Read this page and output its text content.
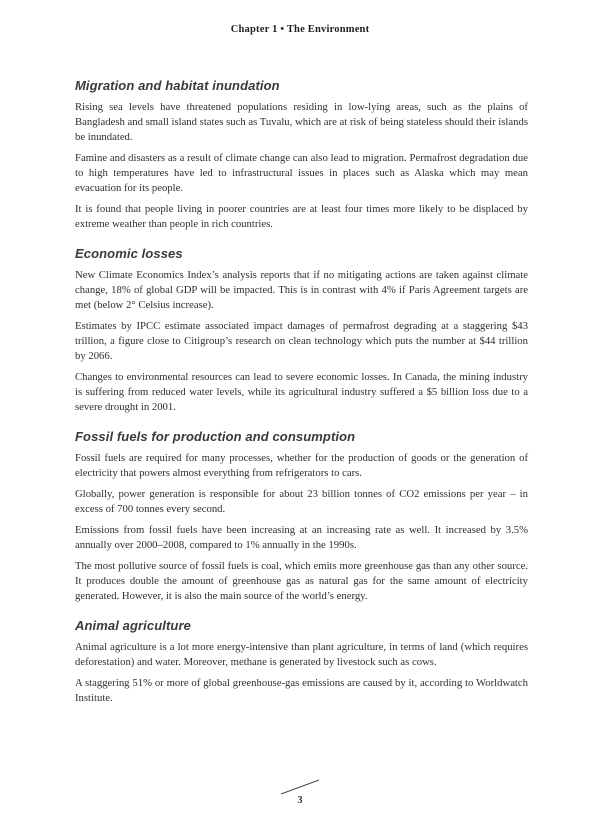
Chapter 1 • The Environment
Migration and habitat inundation

Rising sea levels have threatened populations residing in low-lying areas, such as the plains of Bangladesh and small island states such as Tuvalu, which are at risk of being stateless should their islands be inundated.

Famine and disasters as a result of climate change can also lead to migration. Permafrost degradation due to high temperatures have led to infrastructural issues in places such as Alaska which may mean evacuation for its people.

It is found that people living in poorer countries are at least four times more likely to be displaced by extreme weather than people in rich countries.

Economic losses

New Climate Economics Index’s analysis reports that if no mitigating actions are taken against climate change, 18% of global GDP will be impacted. This is in contrast with 4% if Paris Agreement targets are met (below 2° Celsius increase).

Estimates by IPCC estimate associated impact damages of permafrost degrading at a staggering $43 trillion, a figure close to Citigroup’s research on clean technology which puts the number at $44 trillion by 2066.

Changes to environmental resources can lead to severe economic losses. In Canada, the mining industry is suffering from reduced water levels, while its agricultural industry suffered a $5 billion loss due to a severe drought in 2001.

Fossil fuels for production and consumption

Fossil fuels are required for many processes, whether for the production of goods or the generation of electricity that powers almost everything from refrigerators to cars.

Globally, power generation is responsible for about 23 billion tonnes of CO2 emissions per year – in excess of 700 tonnes every second.

Emissions from fossil fuels have been increasing at an increasing rate as well. It increased by 3.5% annually over 2000–2008, compared to 1% annually in the 1990s.

The most pollutive source of fossil fuels is coal, which emits more greenhouse gas than any other source. It produces double the amount of greenhouse gas as natural gas for the same amount of electricity generated. However, it is also the main source of the world’s energy.

Animal agriculture

Animal agriculture is a lot more energy-intensive than plant agriculture, in terms of land (which requires deforestation) and water. Moreover, methane is generated by livestock such as cows.

A staggering 51% or more of global greenhouse-gas emissions are caused by it, according to Worldwatch Institute.

3
